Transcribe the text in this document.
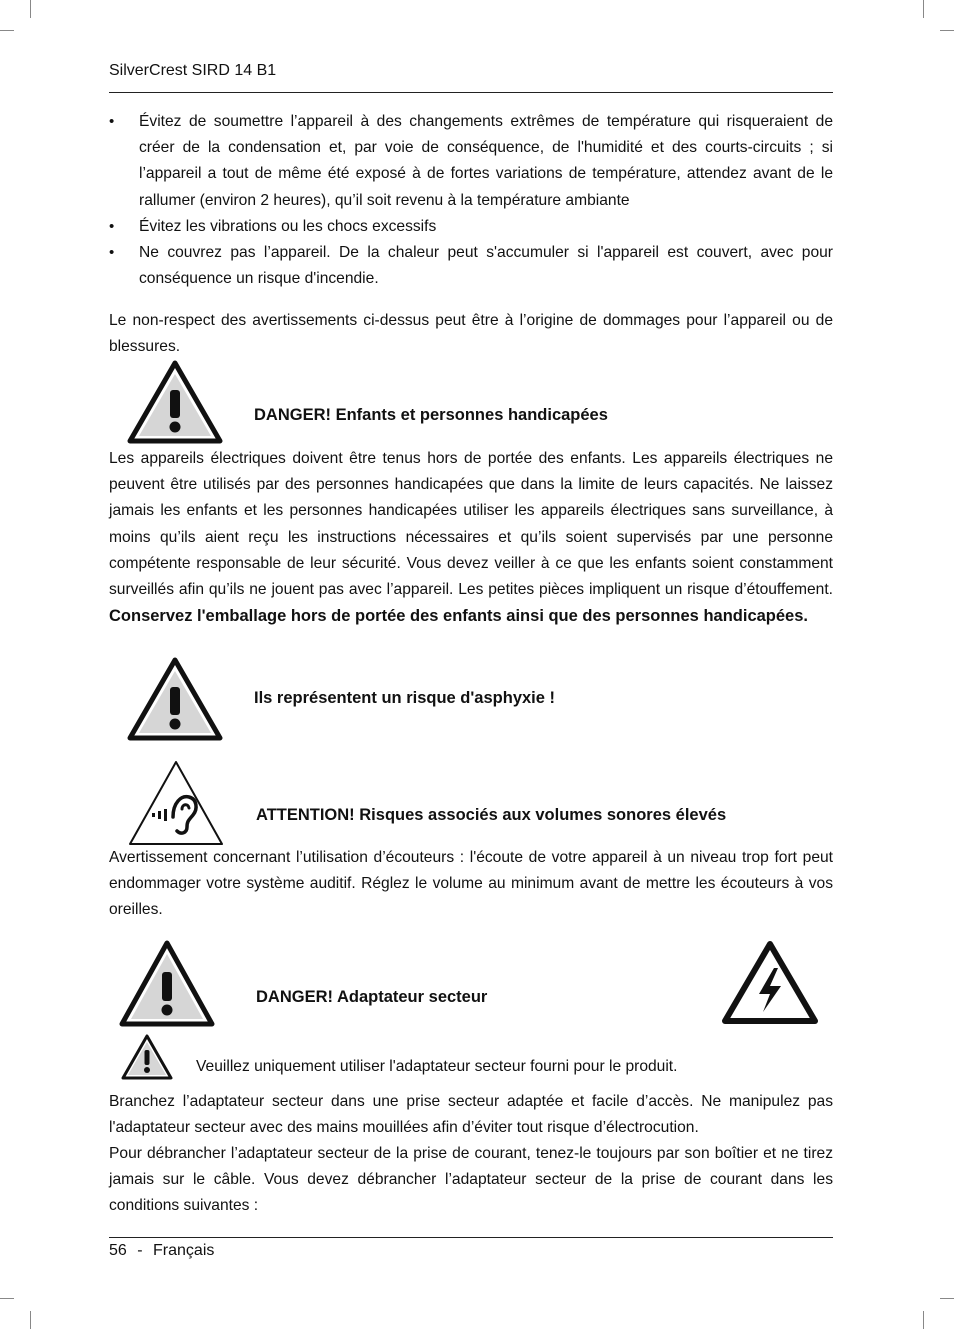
SilverCrest SIRD 14 B1
• Évitez de soumettre l’appareil à des changements extrêmes de température qui risqueraient de créer de la condensation et, par voie de conséquence, de l'humidité et des courts-circuits ; si l’appareil a tout de même été exposé à de fortes variations de température, attendez avant de le rallumer (environ 2 heures), qu’il soit revenu à la température ambiante
• Évitez les vibrations ou les chocs excessifs
• Ne couvrez pas l’appareil. De la chaleur peut s'accumuler si l'appareil est couvert, avec pour conséquence un risque d'incendie.
Le non-respect des avertissements ci-dessus peut être à l’origine de dommages pour l’appareil ou de blessures.
DANGER! Enfants et personnes handicapées

Les appareils électriques doivent être tenus hors de portée des enfants. Les appareils électriques ne peuvent être utilisés par des personnes handicapées que dans la limite de leurs capacités. Ne laissez jamais les enfants et les personnes handicapées utiliser les appareils électriques sans surveillance, à moins qu’ils aient reçu les instructions nécessaires et qu’ils soient supervisés par une personne compétente responsable de leur sécurité. Vous devez veiller à ce que les enfants soient constamment surveillés afin qu’ils ne jouent pas avec l’appareil. Les petites pièces impliquent un risque d’étouffement. Conservez l'emballage hors de portée des enfants ainsi que des personnes handicapées.

Ils représentent un risque d'asphyxie !
ATTENTION! Risques associés aux volumes sonores élevés
Avertissement concernant l’utilisation d’écouteurs : l'écoute de votre appareil à un niveau trop fort peut endommager votre système auditif. Réglez le volume au minimum avant de mettre les écouteurs à vos oreilles.
DANGER! Adaptateur secteur
Veuillez uniquement utiliser l'adaptateur secteur fourni pour le produit.
Branchez l’adaptateur secteur dans une prise secteur adaptée et facile d’accès. Ne manipulez pas l'adaptateur secteur avec des mains mouillées afin d’éviter tout risque d’électrocution.
Pour débrancher l’adaptateur secteur de la prise de courant, tenez-le toujours par son boîtier et ne tirez jamais sur le câble. Vous devez débrancher l’adaptateur secteur de la prise de courant dans les conditions suivantes :
56 - Français
